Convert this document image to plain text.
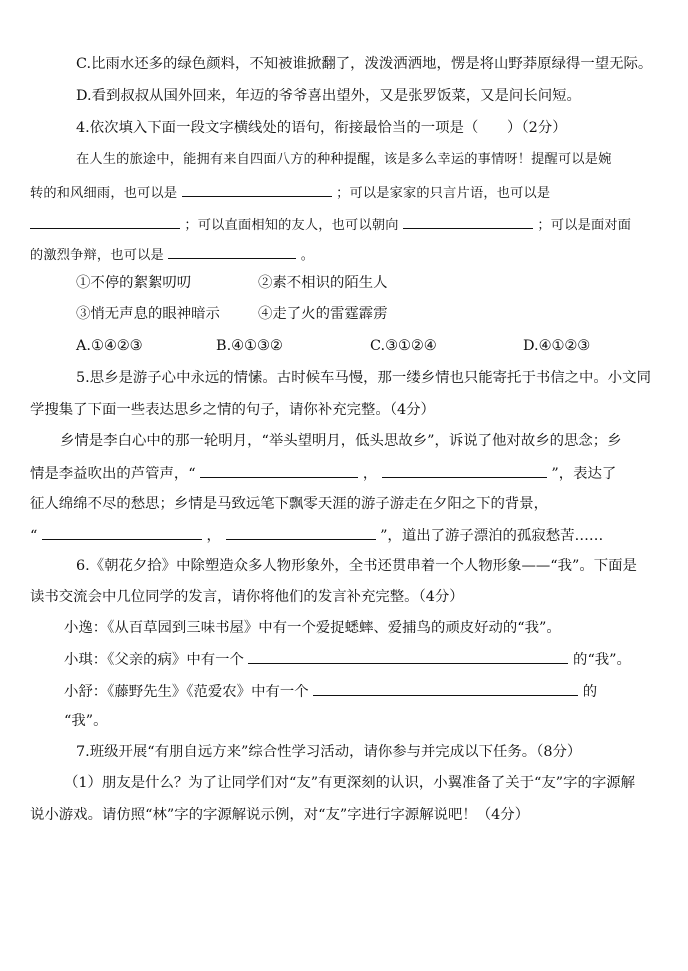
C.比雨水还多的绿色颜料，不知被谁掀翻了，泼泼洒洒地，愣是将山野莽原绿得一望无际。
D.看到叔叔从国外回来，年迈的爷爷喜出望外，又是张罗饭菜，又是问长问短。
4.依次填入下面一段文字横线处的语句，衔接最恰当的一项是（　　）（2分）
在人生的旅途中，能拥有来自四面八方的种种提醒，该是多么幸运的事情呀！提醒可以是婉
转的和风细雨，也可以是	；可以是家家的只言片语，也可以是
；可以直面相知的友人，也可以朝向	；可以是面对面
的激烈争辩，也可以是	。
①不停的絮絮叨叨	②素不相识的陌生人
③悄无声息的眼神暗示	④走了火的雷霆霹雳
A.①④②③	B.④①③②	C.③①②④	D.④①②③
5.思乡是游子心中永远的情愫。古时候车马慢，那一缕乡情也只能寄托于书信之中。小文同
学搜集了下面一些表达思乡之情的句子，请你补充完整。（4分）
乡情是李白心中的那一轮明月，“举头望明月，低头思故乡”，诉说了他对故乡的思念；乡
情是李益吹出的芦管声，“	，	”，表达了
征人绵绵不尽的愁思；乡情是马致远笔下飘零天涯的游子游走在夕阳之下的背景，
“	，	”，道出了游子漂泊的孤寂愁苦……
6.《朝花夕拾》中除塑造众多人物形象外，全书还贯串着一个人物形象——“我”。下面是
读书交流会中几位同学的发言，请你将他们的发言补充完整。（4分）
小逸：《从百草园到三味书屋》中有一个爱捉蟋蟀、爱捕鸟的顽皮好动的“我”。
小琪：《父亲的病》中有一个	的“我”。
小舒：《藤野先生》《范爱农》中有一个	的
“我”。
7.班级开展“有朋自远方来”综合性学习活动，请你参与并完成以下任务。（8分）
（1）朋友是什么？为了让同学们对“友”有更深刻的认识，小翼准备了关于“友”字的字源解
说小游戏。请仿照“林”字的字源解说示例，对“友”字进行字源解说吧！（4分）
